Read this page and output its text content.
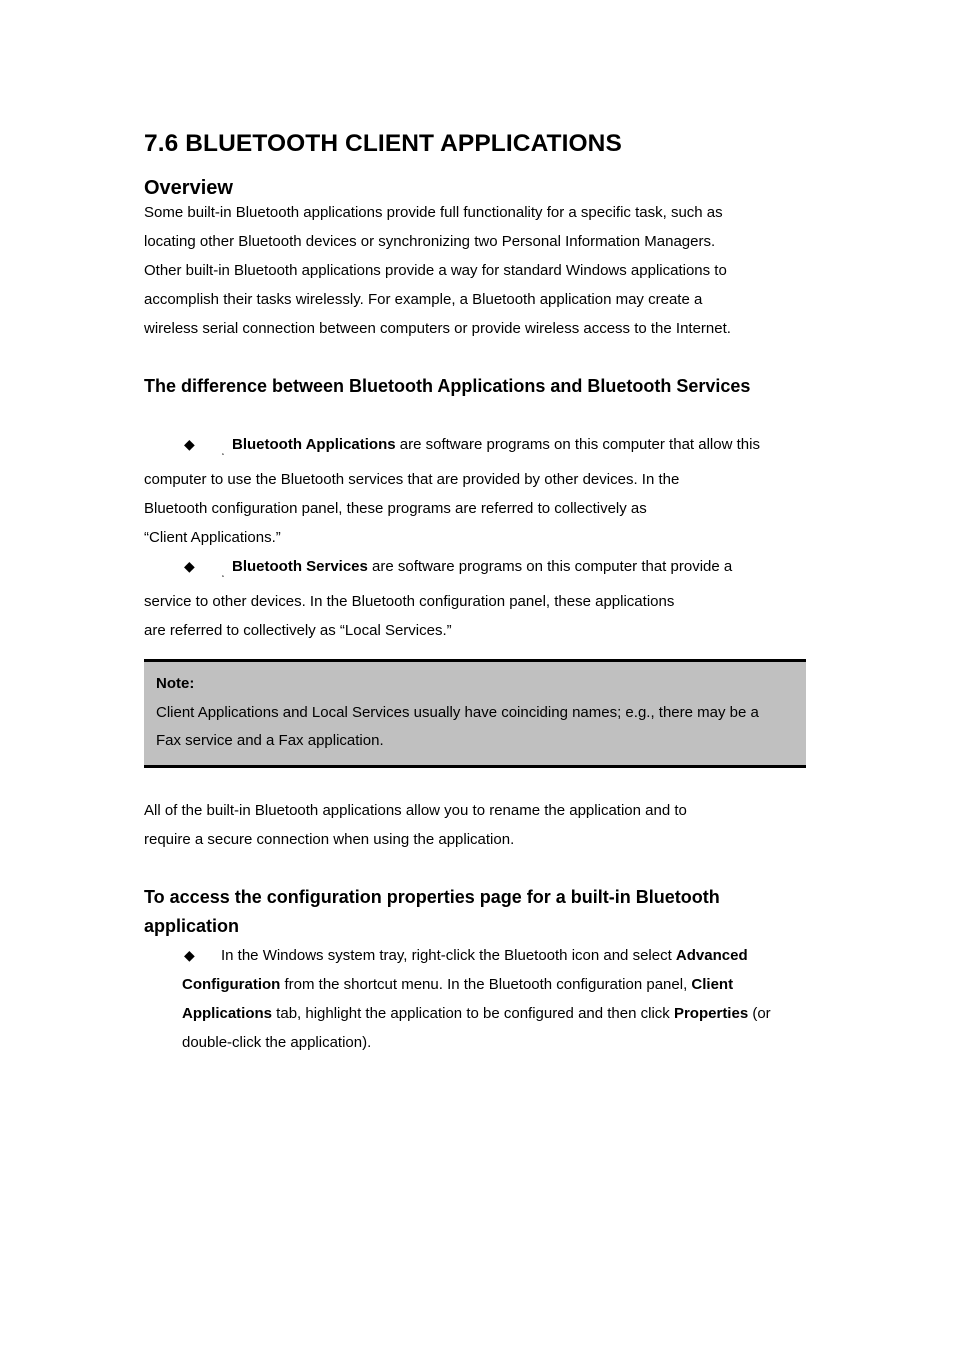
7.6 BLUETOOTH CLIENT APPLICATIONS
Overview

Some built-in Bluetooth applications provide full functionality for a specific task, such as

locating other Bluetooth devices or synchronizing two Personal Information Managers.

Other built-in Bluetooth applications provide a way for standard Windows applications to

accomplish their tasks wirelessly. For example, a Bluetooth application may create a

wireless serial connection between computers or provide wireless access to the Internet.

The difference between Bluetooth Applications and Bluetooth Services

◆	˛ Bluetooth Applications are software programs on this computer that allow this

computer to use the Bluetooth services that are provided by other devices. In the

Bluetooth configuration panel, these programs are referred to collectively as

“Client Applications.”

◆	˛ Bluetooth Services are software programs on this computer that provide a

service to other devices. In the Bluetooth configuration panel, these applications

are referred to collectively as “Local Services.”

Note:

Client Applications and Local Services usually have coinciding names; e.g., there may be a

Fax service and a Fax application.

All of the built-in Bluetooth applications allow you to rename the application and to

require a secure connection when using the application.

To access the configuration properties page for a built-in Bluetooth

application

◆	In the Windows system tray, right-click the Bluetooth icon and select Advanced

Configuration from the shortcut menu. In the Bluetooth configuration panel, Client

Applications tab, highlight the application to be configured and then click Properties (or

double-click the application).
